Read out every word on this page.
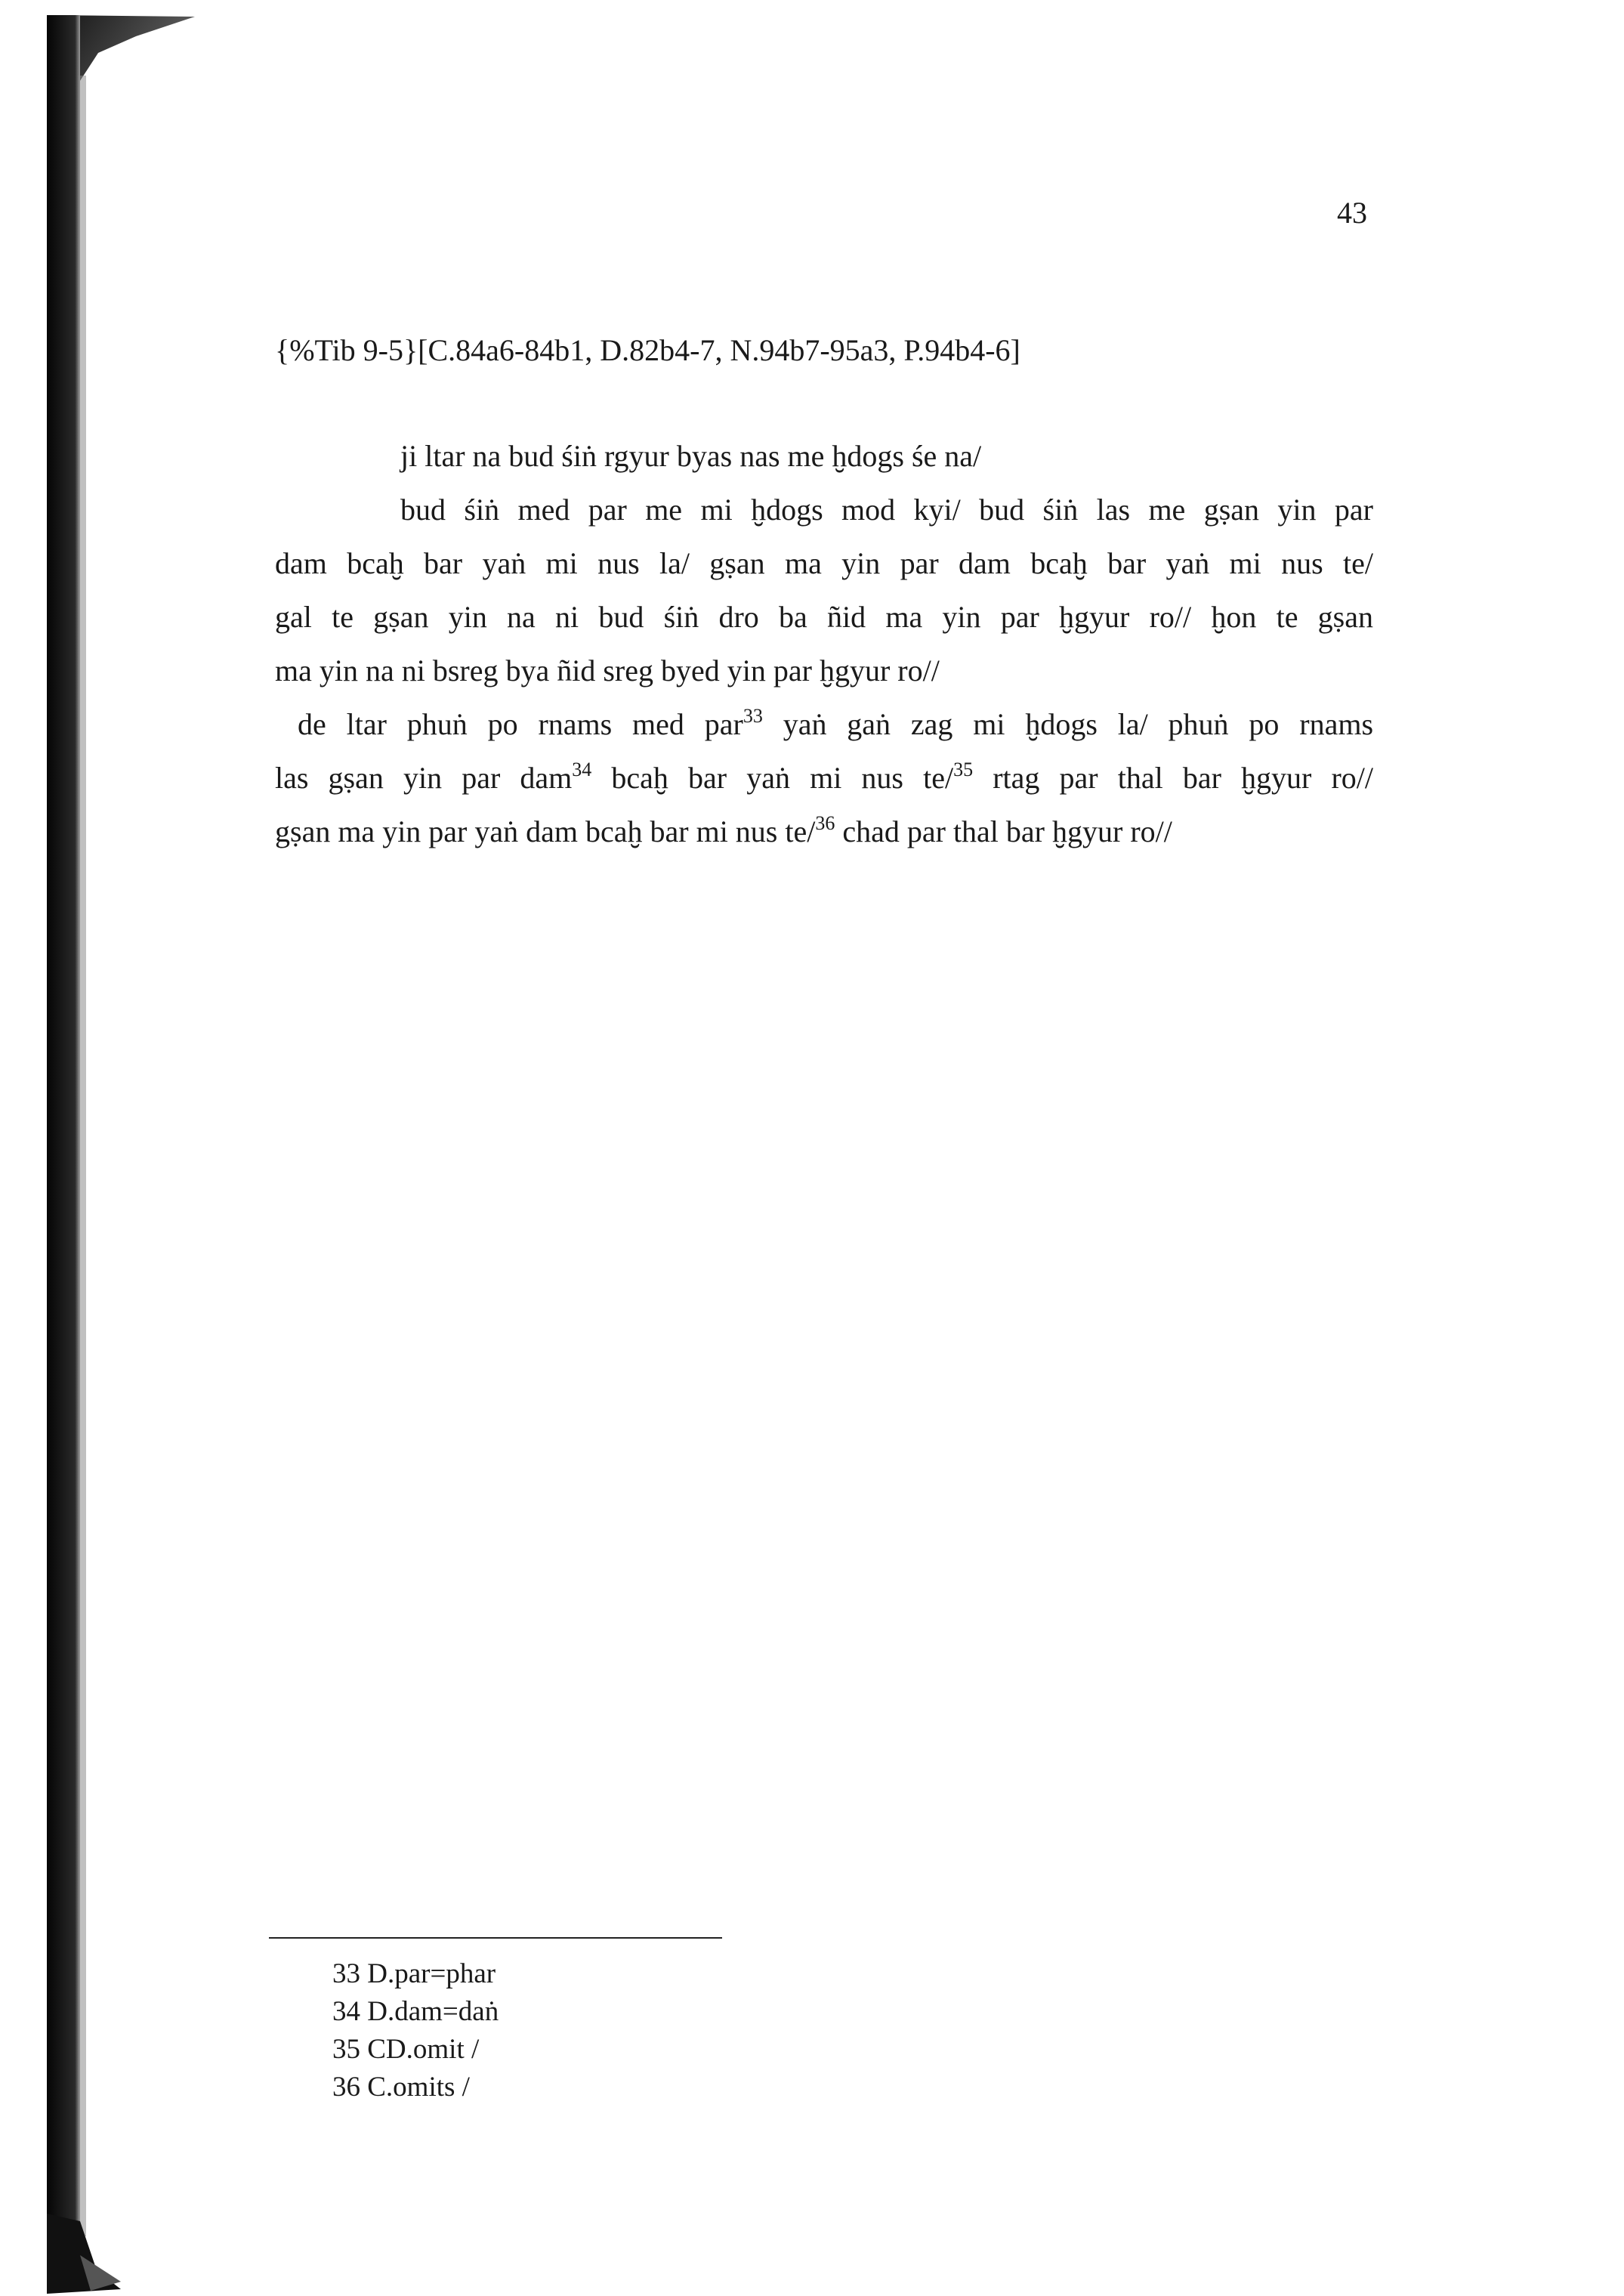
43
{%Tib 9-5}[C.84a6-84b1, D.82b4-7, N.94b7-95a3, P.94b4-6]
ji ltar na bud śiṅ rgyur byas nas me ḫdogs śe na/
bud śiṅ med par me mi ḫdogs mod kyi/ bud śiṅ las me gṣan yin par
dam bcaḫ bar yaṅ mi nus la/ gṣan ma yin par dam bcaḫ bar yaṅ mi nus te/
gal te gṣan yin na ni bud śiṅ dro ba ñid ma yin par ḫgyur ro// ḫon te gṣan
ma yin na ni bsreg bya ñid sreg byed yin par ḫgyur ro//
de ltar phuṅ po rnams med par$^{33}$ yaṅ gaṅ zag mi ḫdogs la/ phuṅ po rnams
las gṣan yin par dam$^{34}$ bcaḫ bar yaṅ mi nus te/$^{35}$ rtag par thal bar ḫgyur ro//
gṣan ma yin par yaṅ dam bcaḫ bar mi nus te/$^{36}$ chad par thal bar ḫgyur ro//
33 D.par=phar
34 D.dam=daṅ
35 CD.omit /
36 C.omits /
